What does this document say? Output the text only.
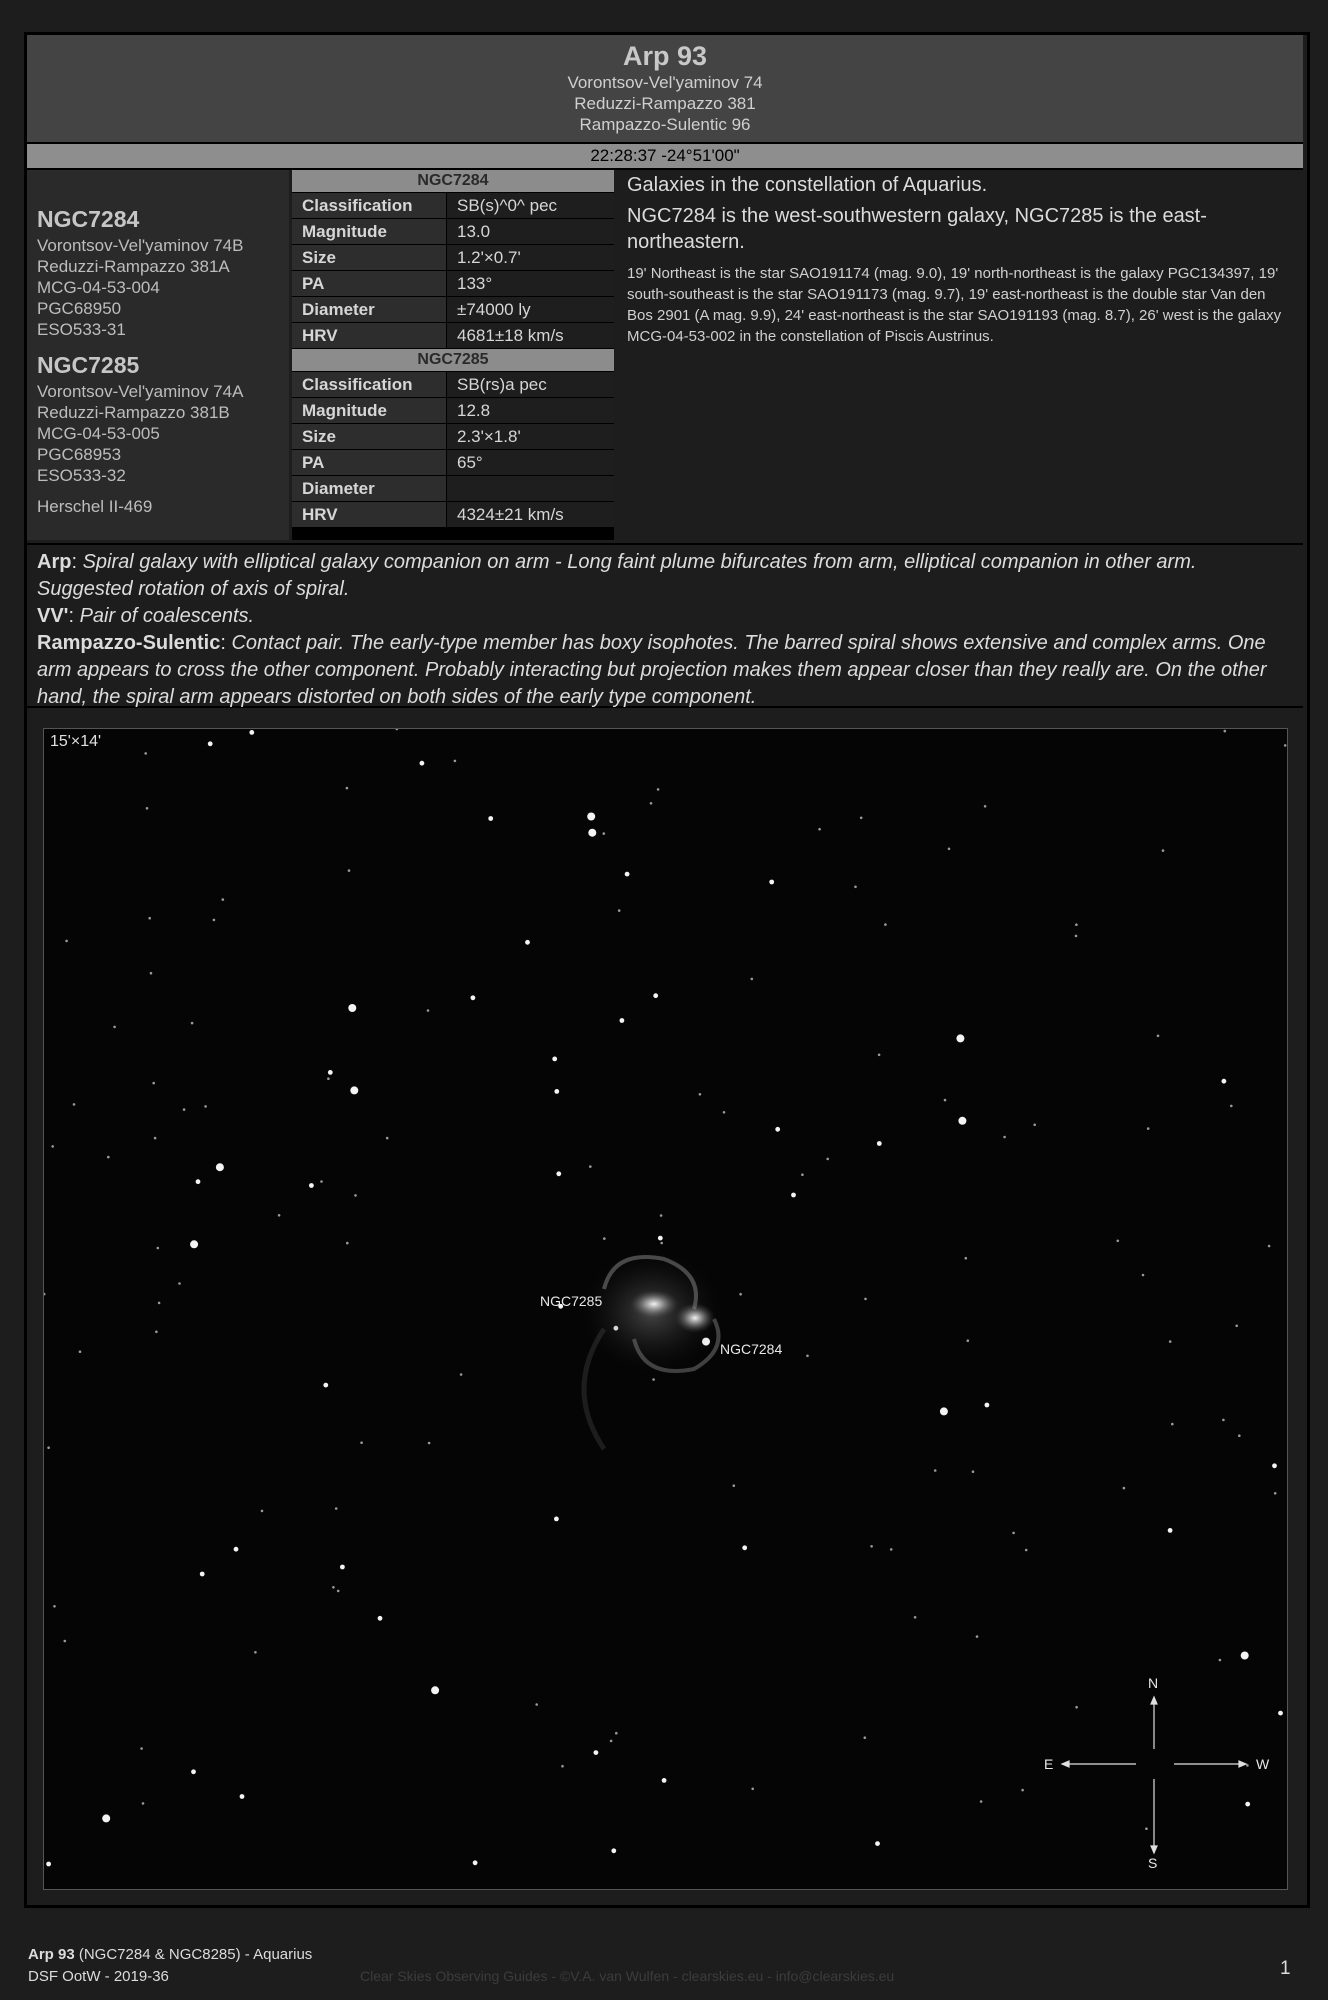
Arp 93
Vorontsov-Vel'yaminov 74
Reduzzi-Rampazzo 381
Rampazzo-Sulentic 96
22:28:37 -24°51'00"
NGC7284
Vorontsov-Vel'yaminov 74B
Reduzzi-Rampazzo 381A
MCG-04-53-004
PGC68950
ESO533-31
NGC7285
Vorontsov-Vel'yaminov 74A
Reduzzi-Rampazzo 381B
MCG-04-53-005
PGC68953
ESO533-32
Herschel II-469
NGC7284
Classification	SB(s)^0^ pec
Magnitude	13.0
Size	1.2'×0.7'
PA	133°
Diameter	±74000 ly
HRV	4681±18 km/s
NGC7285
Classification	SB(rs)a pec
Magnitude	12.8
Size	2.3'×1.8'
PA	65°
Diameter
HRV	4324±21 km/s
Galaxies in the constellation of Aquarius.
NGC7284 is the west-southwestern galaxy, NGC7285 is the east-northeastern.
19' Northeast is the star SAO191174 (mag. 9.0), 19' north-northeast is the galaxy PGC134397, 19' south-southeast is the star SAO191173 (mag. 9.7), 19' east-northeast is the double star Van den Bos 2901 (A mag. 9.9), 24' east-northeast is the star SAO191193 (mag. 8.7), 26' west is the galaxy MCG-04-53-002 in the constellation of Piscis Austrinus.
Arp: Spiral galaxy with elliptical galaxy companion on arm - Long faint plume bifurcates from arm, elliptical companion in other arm. Suggested rotation of axis of spiral.
VV': Pair of coalescents.
Rampazzo-Sulentic: Contact pair. The early-type member has boxy isophotes. The barred spiral shows extensive and complex arms. One arm appears to cross the other component. Probably interacting but projection makes them appear closer than they really are. On the other hand, the spiral arm appears distorted on both sides of the early type component.
15'×14'
NGC7285
NGC7284
N
S
E	W
Arp 93 (NGC7284 & NGC8285) - Aquarius
DSF OotW - 2019-36	Clear Skies Observing Guides - ©V.A. van Wulfen - clearskies.eu - info@clearskies.eu	1
